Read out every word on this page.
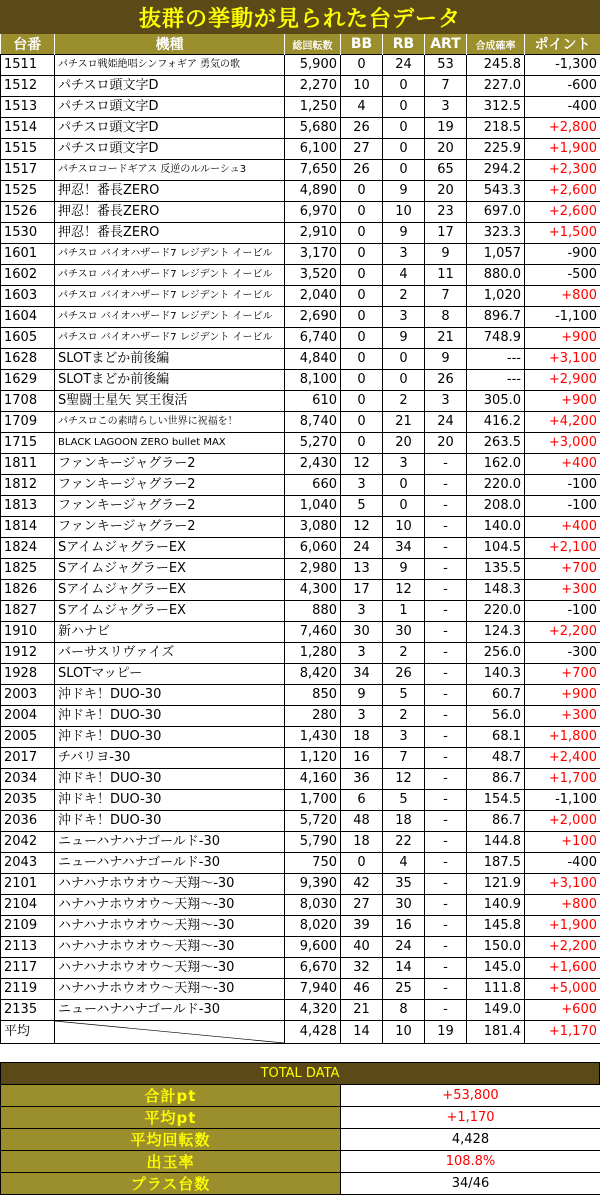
抜群の挙動が見られた台データ
台番	機種	総回転数	BB	RB	ART	合成確率	ポイント
1511	パチスロ戦姫絶唱シンフォギア 勇気の歌	5,900	0	24	53	245.8	-1,300
1512	パチスロ頭文字D	2,270	10	0	7	227.0	-600
1513	パチスロ頭文字D	1,250	4	0	3	312.5	-400
1514	パチスロ頭文字D	5,680	26	0	19	218.5	+2,800
1515	パチスロ頭文字D	6,100	27	0	20	225.9	+1,900
1517	パチスロコードギアス 反逆のルルーシュ3	7,650	26	0	65	294.2	+2,300
1525	押忍！番長ZERO	4,890	0	9	20	543.3	+2,600
1526	押忍！番長ZERO	6,970	0	10	23	697.0	+2,600
1530	押忍！番長ZERO	2,910	0	9	17	323.3	+1,500
1601	パチスロ バイオハザード7 レジデント イービル	3,170	0	3	9	1,057	-900
1602	パチスロ バイオハザード7 レジデント イービル	3,520	0	4	11	880.0	-500
1603	パチスロ バイオハザード7 レジデント イービル	2,040	0	2	7	1,020	+800
1604	パチスロ バイオハザード7 レジデント イービル	2,690	0	3	8	896.7	-1,100
1605	パチスロ バイオハザード7 レジデント イービル	6,740	0	9	21	748.9	+900
1628	SLOTまどか前後編	4,840	0	0	9	---	+3,100
1629	SLOTまどか前後編	8,100	0	0	26	---	+2,900
1708	S聖闘士星矢 冥王復活	610	0	2	3	305.0	+900
1709	パチスロこの素晴らしい世界に祝福を！	8,740	0	21	24	416.2	+4,200
1715	BLACK LAGOON ZERO bullet MAX	5,270	0	20	20	263.5	+3,000
1811	ファンキージャグラー2	2,430	12	3	-	162.0	+400
1812	ファンキージャグラー2	660	3	0	-	220.0	-100
1813	ファンキージャグラー2	1,040	5	0	-	208.0	-100
1814	ファンキージャグラー2	3,080	12	10	-	140.0	+400
1824	SアイムジャグラーEX	6,060	24	34	-	104.5	+2,100
1825	SアイムジャグラーEX	2,980	13	9	-	135.5	+700
1826	SアイムジャグラーEX	4,300	17	12	-	148.3	+300
1827	SアイムジャグラーEX	880	3	1	-	220.0	-100
1910	新ハナビ	7,460	30	30	-	124.3	+2,200
1912	バーサスリヴァイズ	1,280	3	2	-	256.0	-300
1928	SLOTマッピー	8,420	34	26	-	140.3	+700
2003	沖ドキ！DUO-30	850	9	5	-	60.7	+900
2004	沖ドキ！DUO-30	280	3	2	-	56.0	+300
2005	沖ドキ！DUO-30	1,430	18	3	-	68.1	+1,800
2017	チバリヨ-30	1,120	16	7	-	48.7	+2,400
2034	沖ドキ！DUO-30	4,160	36	12	-	86.7	+1,700
2035	沖ドキ！DUO-30	1,700	6	5	-	154.5	-1,100
2036	沖ドキ！DUO-30	5,720	48	18	-	86.7	+2,000
2042	ニューハナハナゴールド-30	5,790	18	22	-	144.8	+100
2043	ニューハナハナゴールド-30	750	0	4	-	187.5	-400
2101	ハナハナホウオウ～天翔～-30	9,390	42	35	-	121.9	+3,100
2104	ハナハナホウオウ～天翔～-30	8,030	27	30	-	140.9	+800
2109	ハナハナホウオウ～天翔～-30	8,020	39	16	-	145.8	+1,900
2113	ハナハナホウオウ～天翔～-30	9,600	40	24	-	150.0	+2,200
2117	ハナハナホウオウ～天翔～-30	6,670	32	14	-	145.0	+1,600
2119	ハナハナホウオウ～天翔～-30	7,940	46	25	-	111.8	+5,000
2135	ニューハナハナゴールド-30	4,320	21	8	-	149.0	+600
平均		4,428	14	10	19	181.4	+1,170
TOTAL DATA
合計pt	+53,800
平均pt	+1,170
平均回転数	4,428
出玉率	108.8%
プラス台数	34/46
